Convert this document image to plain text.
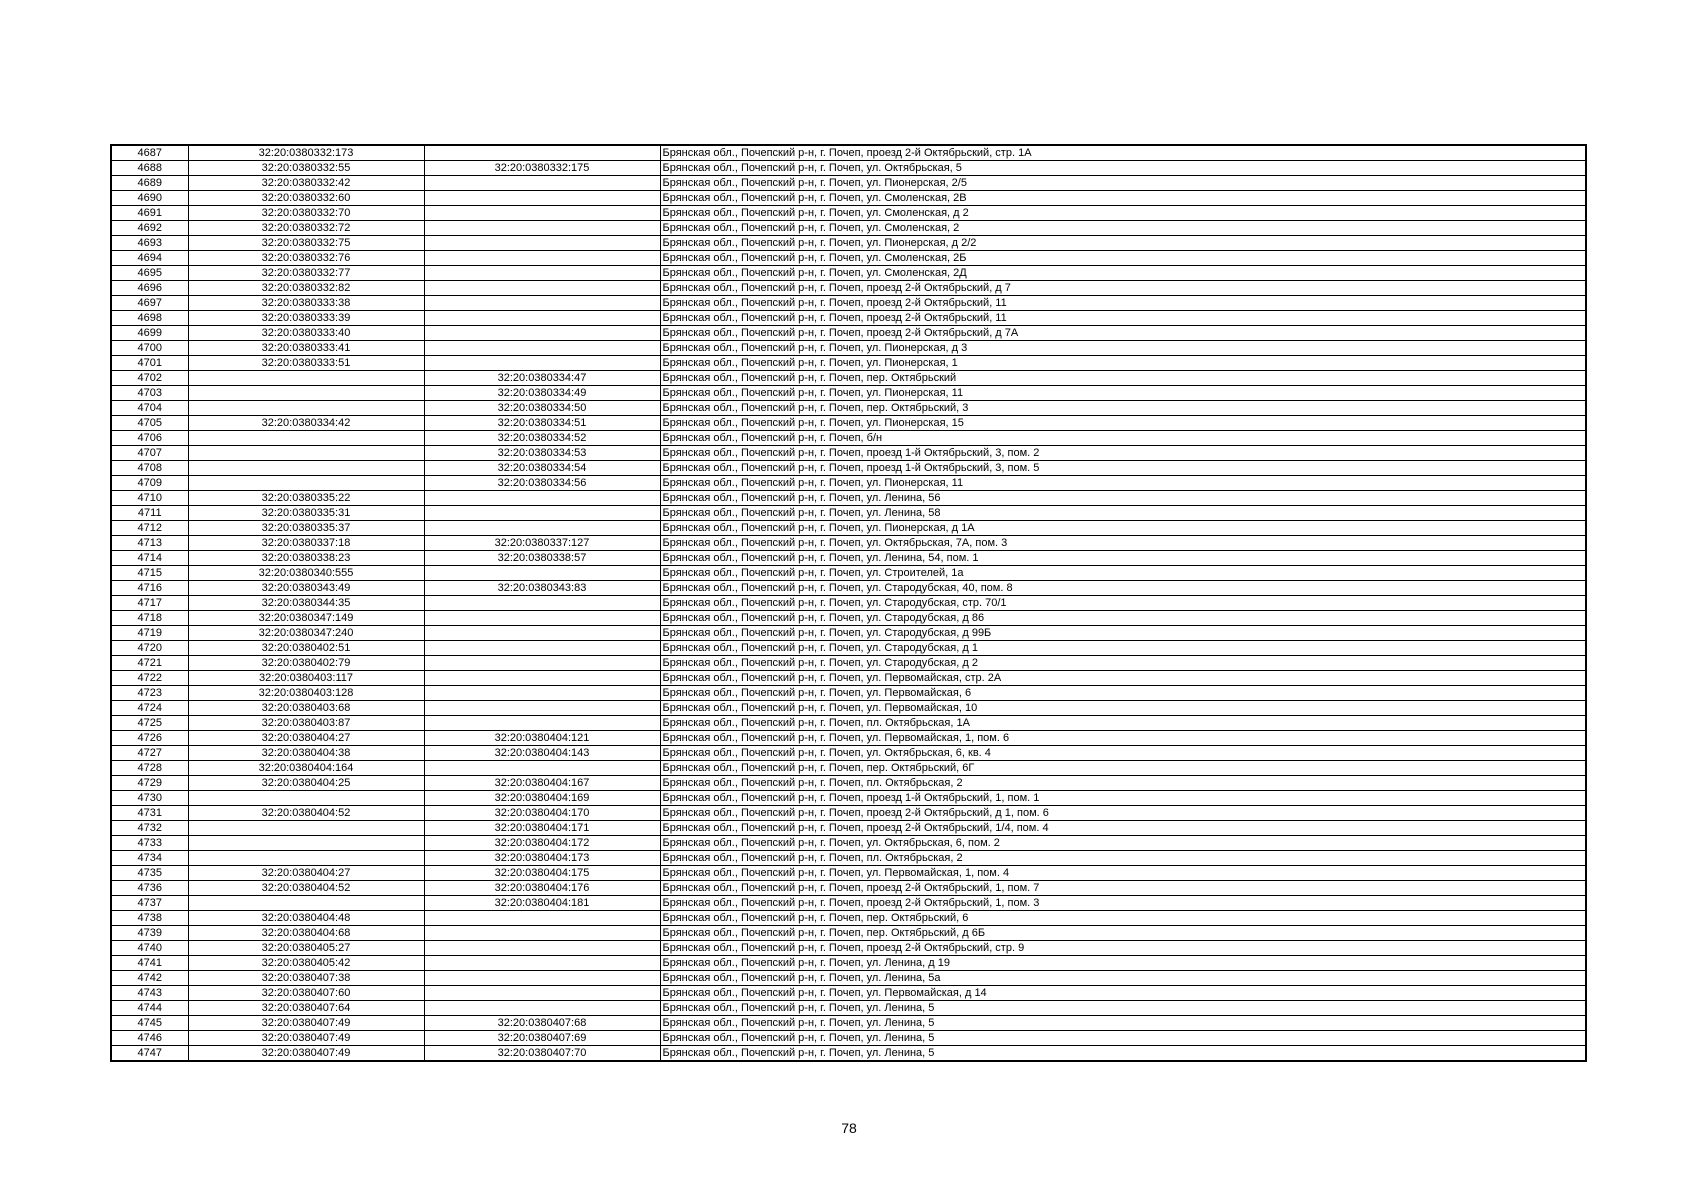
4687	32:20:0380332:173		Брянская обл., Почепский р-н, г. Почеп, проезд 2-й Октябрьский, стр. 1А
4688	32:20:0380332:55	32:20:0380332:175	Брянская обл., Почепский р-н, г. Почеп, ул. Октябрьская, 5
4689	32:20:0380332:42		Брянская обл., Почепский р-н, г. Почеп, ул. Пионерская, 2/5
4690	32:20:0380332:60		Брянская обл., Почепский р-н, г. Почеп, ул. Смоленская, 2В
4691	32:20:0380332:70		Брянская обл., Почепский р-н, г. Почеп, ул. Смоленская, д 2
4692	32:20:0380332:72		Брянская обл., Почепский р-н, г. Почеп, ул. Смоленская, 2
4693	32:20:0380332:75		Брянская обл., Почепский р-н, г. Почеп, ул. Пионерская, д 2/2
4694	32:20:0380332:76		Брянская обл., Почепский р-н, г. Почеп, ул. Смоленская, 2Б
4695	32:20:0380332:77		Брянская обл., Почепский р-н, г. Почеп, ул. Смоленская, 2Д
4696	32:20:0380332:82		Брянская обл., Почепский р-н, г. Почеп, проезд 2-й Октябрьский, д 7
4697	32:20:0380333:38		Брянская обл., Почепский р-н, г. Почеп, проезд 2-й Октябрьский, 11
4698	32:20:0380333:39		Брянская обл., Почепский р-н, г. Почеп, проезд 2-й Октябрьский, 11
4699	32:20:0380333:40		Брянская обл., Почепский р-н, г. Почеп, проезд 2-й Октябрьский, д 7А
4700	32:20:0380333:41		Брянская обл., Почепский р-н, г. Почеп, ул. Пионерская, д 3
4701	32:20:0380333:51		Брянская обл., Почепский р-н, г. Почеп, ул. Пионерская, 1
4702		32:20:0380334:47	Брянская обл., Почепский р-н, г. Почеп, пер. Октябрьский
4703		32:20:0380334:49	Брянская обл., Почепский р-н, г. Почеп, ул. Пионерская, 11
4704		32:20:0380334:50	Брянская обл., Почепский р-н, г. Почеп, пер. Октябрьский, 3
4705	32:20:0380334:42	32:20:0380334:51	Брянская обл., Почепский р-н, г. Почеп, ул. Пионерская, 15
4706		32:20:0380334:52	Брянская обл., Почепский р-н, г. Почеп, б/н
4707		32:20:0380334:53	Брянская обл., Почепский р-н, г. Почеп, проезд 1-й Октябрьский, 3, пом. 2
4708		32:20:0380334:54	Брянская обл., Почепский р-н, г. Почеп, проезд 1-й Октябрьский, 3, пом. 5
4709		32:20:0380334:56	Брянская обл., Почепский р-н, г. Почеп, ул. Пионерская, 11
4710	32:20:0380335:22		Брянская обл., Почепский р-н, г. Почеп, ул. Ленина, 56
4711	32:20:0380335:31		Брянская обл., Почепский р-н, г. Почеп, ул. Ленина, 58
4712	32:20:0380335:37		Брянская обл., Почепский р-н, г. Почеп, ул. Пионерская, д 1А
4713	32:20:0380337:18	32:20:0380337:127	Брянская обл., Почепский р-н, г. Почеп, ул. Октябрьская, 7А, пом. 3
4714	32:20:0380338:23	32:20:0380338:57	Брянская обл., Почепский р-н, г. Почеп, ул. Ленина, 54, пом. 1
4715	32:20:0380340:555		Брянская обл., Почепский р-н, г. Почеп, ул. Строителей, 1а
4716	32:20:0380343:49	32:20:0380343:83	Брянская обл., Почепский р-н, г. Почеп, ул. Стародубская, 40, пом. 8
4717	32:20:0380344:35		Брянская обл., Почепский р-н, г. Почеп, ул. Стародубская, стр. 70/1
4718	32:20:0380347:149		Брянская обл., Почепский р-н, г. Почеп, ул. Стародубская, д 86
4719	32:20:0380347:240		Брянская обл., Почепский р-н, г. Почеп, ул. Стародубская, д 99Б
4720	32:20:0380402:51		Брянская обл., Почепский р-н, г. Почеп, ул. Стародубская, д 1
4721	32:20:0380402:79		Брянская обл., Почепский р-н, г. Почеп, ул. Стародубская, д 2
4722	32:20:0380403:117		Брянская обл., Почепский р-н, г. Почеп, ул. Первомайская, стр. 2А
4723	32:20:0380403:128		Брянская обл., Почепский р-н, г. Почеп, ул. Первомайская, 6
4724	32:20:0380403:68		Брянская обл., Почепский р-н, г. Почеп, ул. Первомайская, 10
4725	32:20:0380403:87		Брянская обл., Почепский р-н, г. Почеп, пл. Октябрьская, 1А
4726	32:20:0380404:27	32:20:0380404:121	Брянская обл., Почепский р-н, г. Почеп, ул. Первомайская, 1, пом. 6
4727	32:20:0380404:38	32:20:0380404:143	Брянская обл., Почепский р-н, г. Почеп, ул. Октябрьская, 6, кв. 4
4728	32:20:0380404:164		Брянская обл., Почепский р-н, г. Почеп, пер. Октябрьский, 6Г
4729	32:20:0380404:25	32:20:0380404:167	Брянская обл., Почепский р-н, г. Почеп, пл. Октябрьская, 2
4730		32:20:0380404:169	Брянская обл., Почепский р-н, г. Почеп, проезд 1-й Октябрьский, 1, пом. 1
4731	32:20:0380404:52	32:20:0380404:170	Брянская обл., Почепский р-н, г. Почеп, проезд 2-й Октябрьский, д 1, пом. 6
4732		32:20:0380404:171	Брянская обл., Почепский р-н, г. Почеп, проезд 2-й Октябрьский, 1/4, пом. 4
4733		32:20:0380404:172	Брянская обл., Почепский р-н, г. Почеп, ул. Октябрьская, 6, пом. 2
4734		32:20:0380404:173	Брянская обл., Почепский р-н, г. Почеп, пл. Октябрьская, 2
4735	32:20:0380404:27	32:20:0380404:175	Брянская обл., Почепский р-н, г. Почеп, ул. Первомайская, 1, пом. 4
4736	32:20:0380404:52	32:20:0380404:176	Брянская обл., Почепский р-н, г. Почеп, проезд 2-й Октябрьский, 1, пом. 7
4737		32:20:0380404:181	Брянская обл., Почепский р-н, г. Почеп, проезд 2-й Октябрьский, 1, пом. 3
4738	32:20:0380404:48		Брянская обл., Почепский р-н, г. Почеп, пер. Октябрьский, 6
4739	32:20:0380404:68		Брянская обл., Почепский р-н, г. Почеп, пер. Октябрьский, д 6Б
4740	32:20:0380405:27		Брянская обл., Почепский р-н, г. Почеп, проезд 2-й Октябрьский, стр. 9
4741	32:20:0380405:42		Брянская обл., Почепский р-н, г. Почеп, ул. Ленина, д 19
4742	32:20:0380407:38		Брянская обл., Почепский р-н, г. Почеп, ул. Ленина, 5а
4743	32:20:0380407:60		Брянская обл., Почепский р-н, г. Почеп, ул. Первомайская, д 14
4744	32:20:0380407:64		Брянская обл., Почепский р-н, г. Почеп, ул. Ленина, 5
4745	32:20:0380407:49	32:20:0380407:68	Брянская обл., Почепский р-н, г. Почеп, ул. Ленина, 5
4746	32:20:0380407:49	32:20:0380407:69	Брянская обл., Почепский р-н, г. Почеп, ул. Ленина, 5
4747	32:20:0380407:49	32:20:0380407:70	Брянская обл., Почепский р-н, г. Почеп, ул. Ленина, 5
78
